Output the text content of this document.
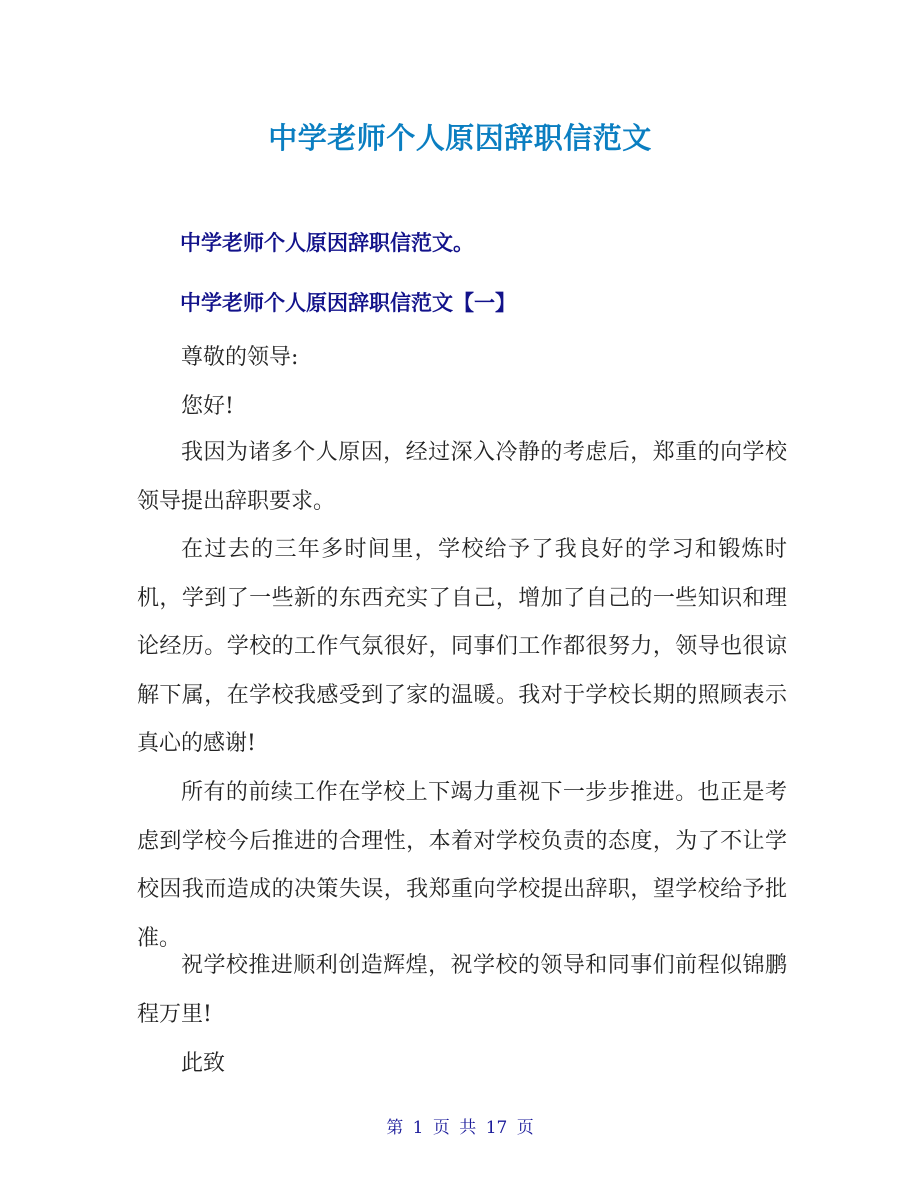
中学老师个人原因辞职信范文
中学老师个人原因辞职信范文。
中学老师个人原因辞职信范文【一】

尊敬的领导:

您好!

我因为诸多个人原因，经过深入冷静的考虑后，郑重的向学校领导提出辞职要求。

在过去的三年多时间里，学校给予了我良好的学习和锻炼时机，学到了一些新的东西充实了自己，增加了自己的一些知识和理论经历。学校的工作气氛很好，同事们工作都很努力，领导也很谅解下属，在学校我感受到了家的温暖。我对于学校长期的照顾表示真心的感谢!

所有的前续工作在学校上下竭力重视下一步步推进。也正是考虑到学校今后推进的合理性，本着对学校负责的态度，为了不让学校因我而造成的决策失误，我郑重向学校提出辞职，望学校给予批准。

祝学校推进顺利创造辉煌，祝学校的领导和同事们前程似锦鹏程万里!

此致

第 1 页 共 17 页
